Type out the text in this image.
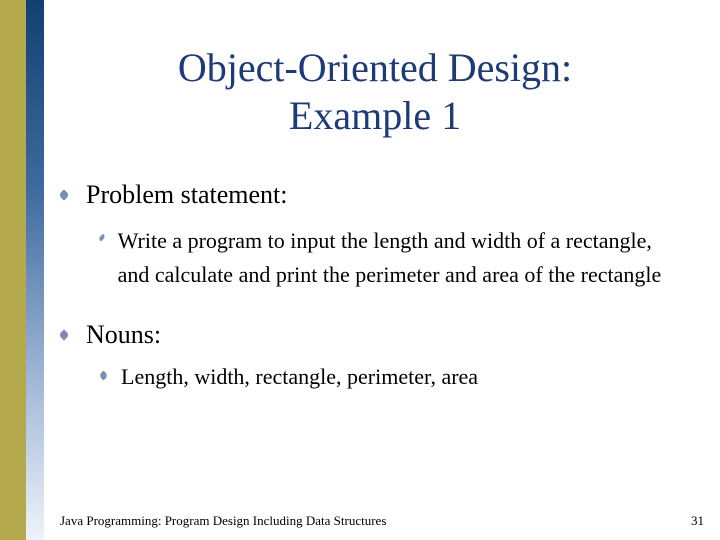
Object-Oriented Design:
Example 1
Problem statement:
Write a program to input the length and width of a rectangle, and calculate and print the perimeter and area of the rectangle
Nouns:
Length, width, rectangle, perimeter, area
Java Programming: Program Design Including Data Structures	31
